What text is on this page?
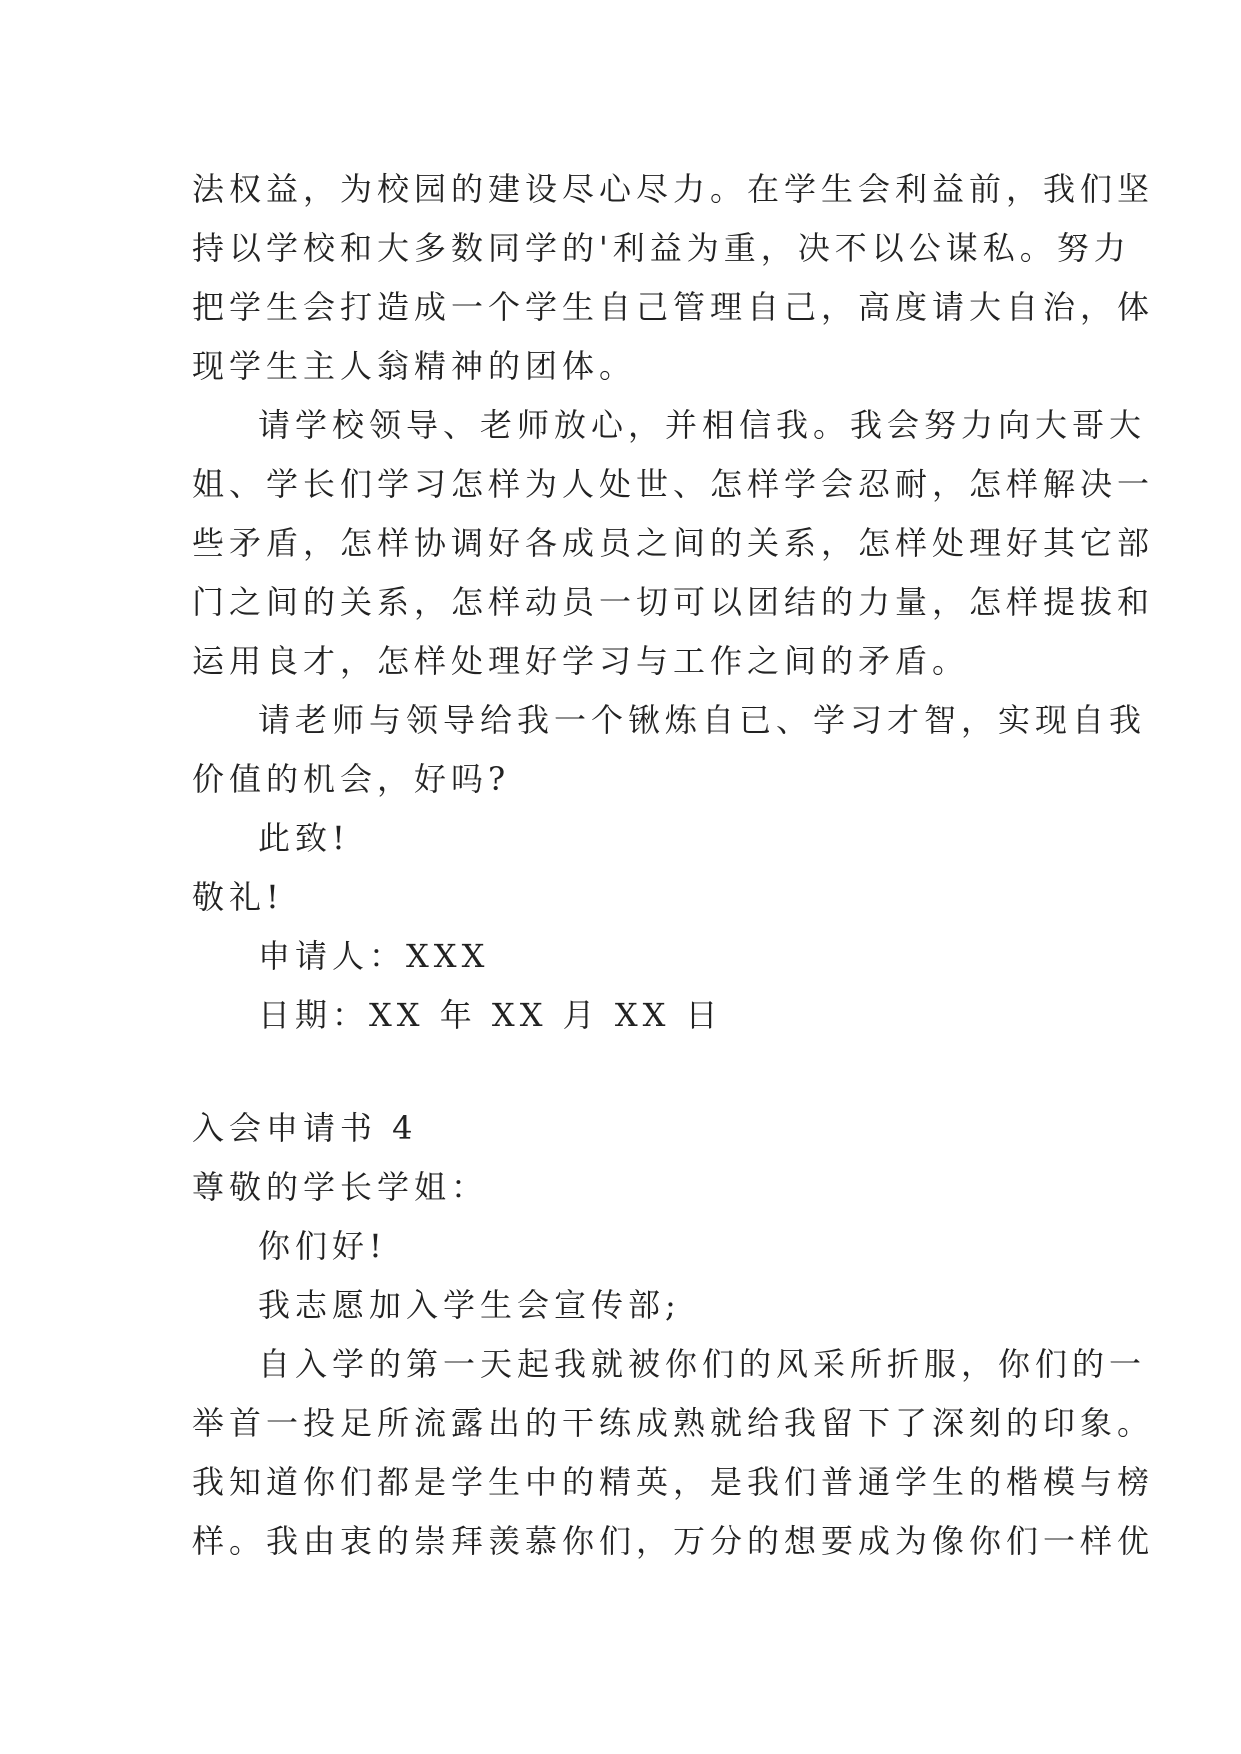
法权益，为校园的建设尽心尽力。在学生会利益前，我们坚
持以学校和大多数同学的'利益为重，决不以公谋私。努力
把学生会打造成一个学生自己管理自己，高度请大自治，体
现学生主人翁精神的团体。
请学校领导、老师放心，并相信我。我会努力向大哥大
姐、学长们学习怎样为人处世、怎样学会忍耐，怎样解决一
些矛盾，怎样协调好各成员之间的关系，怎样处理好其它部
门之间的关系，怎样动员一切可以团结的力量，怎样提拔和
运用良才，怎样处理好学习与工作之间的矛盾。
请老师与领导给我一个锹炼自已、学习才智，实现自我
价值的机会，好吗?
此致!
敬礼!
申请人：XXX
日期：XX 年 XX 月 XX 日
入会申请书 4
尊敬的学长学姐：
你们好!
我志愿加入学生会宣传部;
自入学的第一天起我就被你们的风采所折服，你们的一
举首一投足所流露出的干练成熟就给我留下了深刻的印象。
我知道你们都是学生中的精英，是我们普通学生的楷模与榜
样。我由衷的崇拜羡慕你们，万分的想要成为像你们一样优
